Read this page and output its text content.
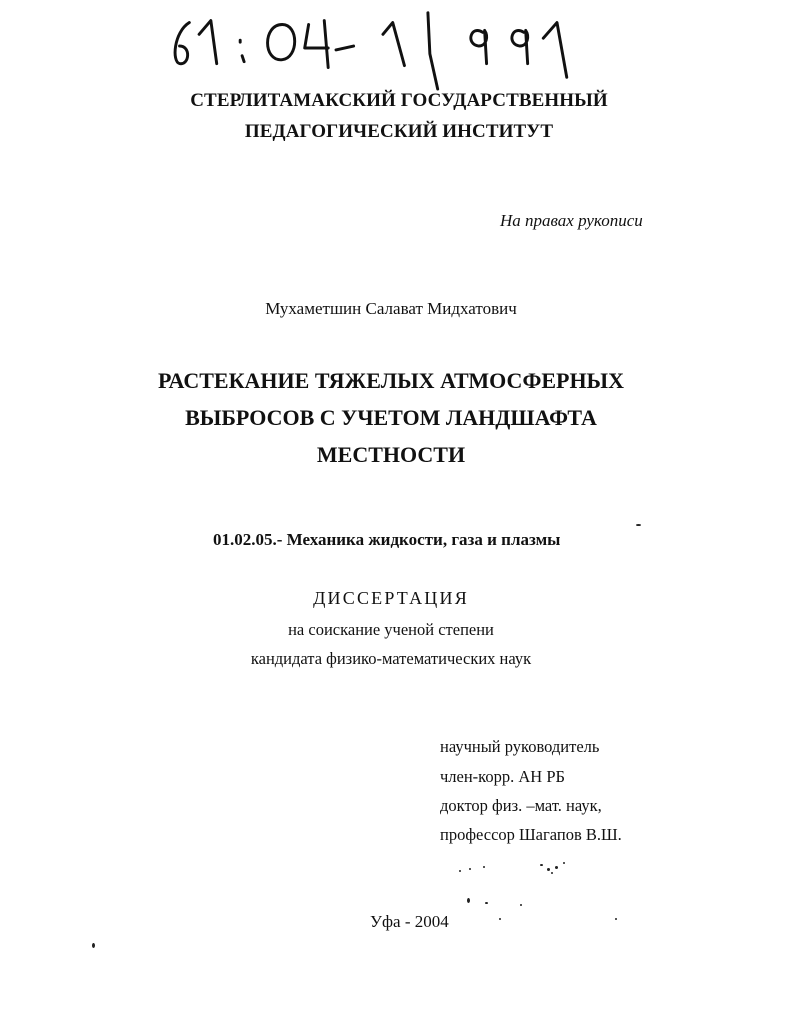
СТЕРЛИТАМАКСКИЙ ГОСУДАРСТВЕННЫЙ
ПЕДАГОГИЧЕСКИЙ ИНСТИТУТ
На правах рукописи
Мухаметшин Салават Мидхатович
РАСТЕКАНИЕ ТЯЖЕЛЫХ АТМОСФЕРНЫХ
ВЫБРОСОВ С УЧЕТОМ ЛАНДШАФТА
МЕСТНОСТИ
01.02.05.- Механика жидкости, газа и плазмы
ДИССЕРТАЦИЯ
на соискание ученой степени
кандидата физико-математических наук
научный руководитель
член-корр. АН РБ
доктор физ. –мат. наук,
профессор Шагапов В.Ш.
Уфа - 2004
